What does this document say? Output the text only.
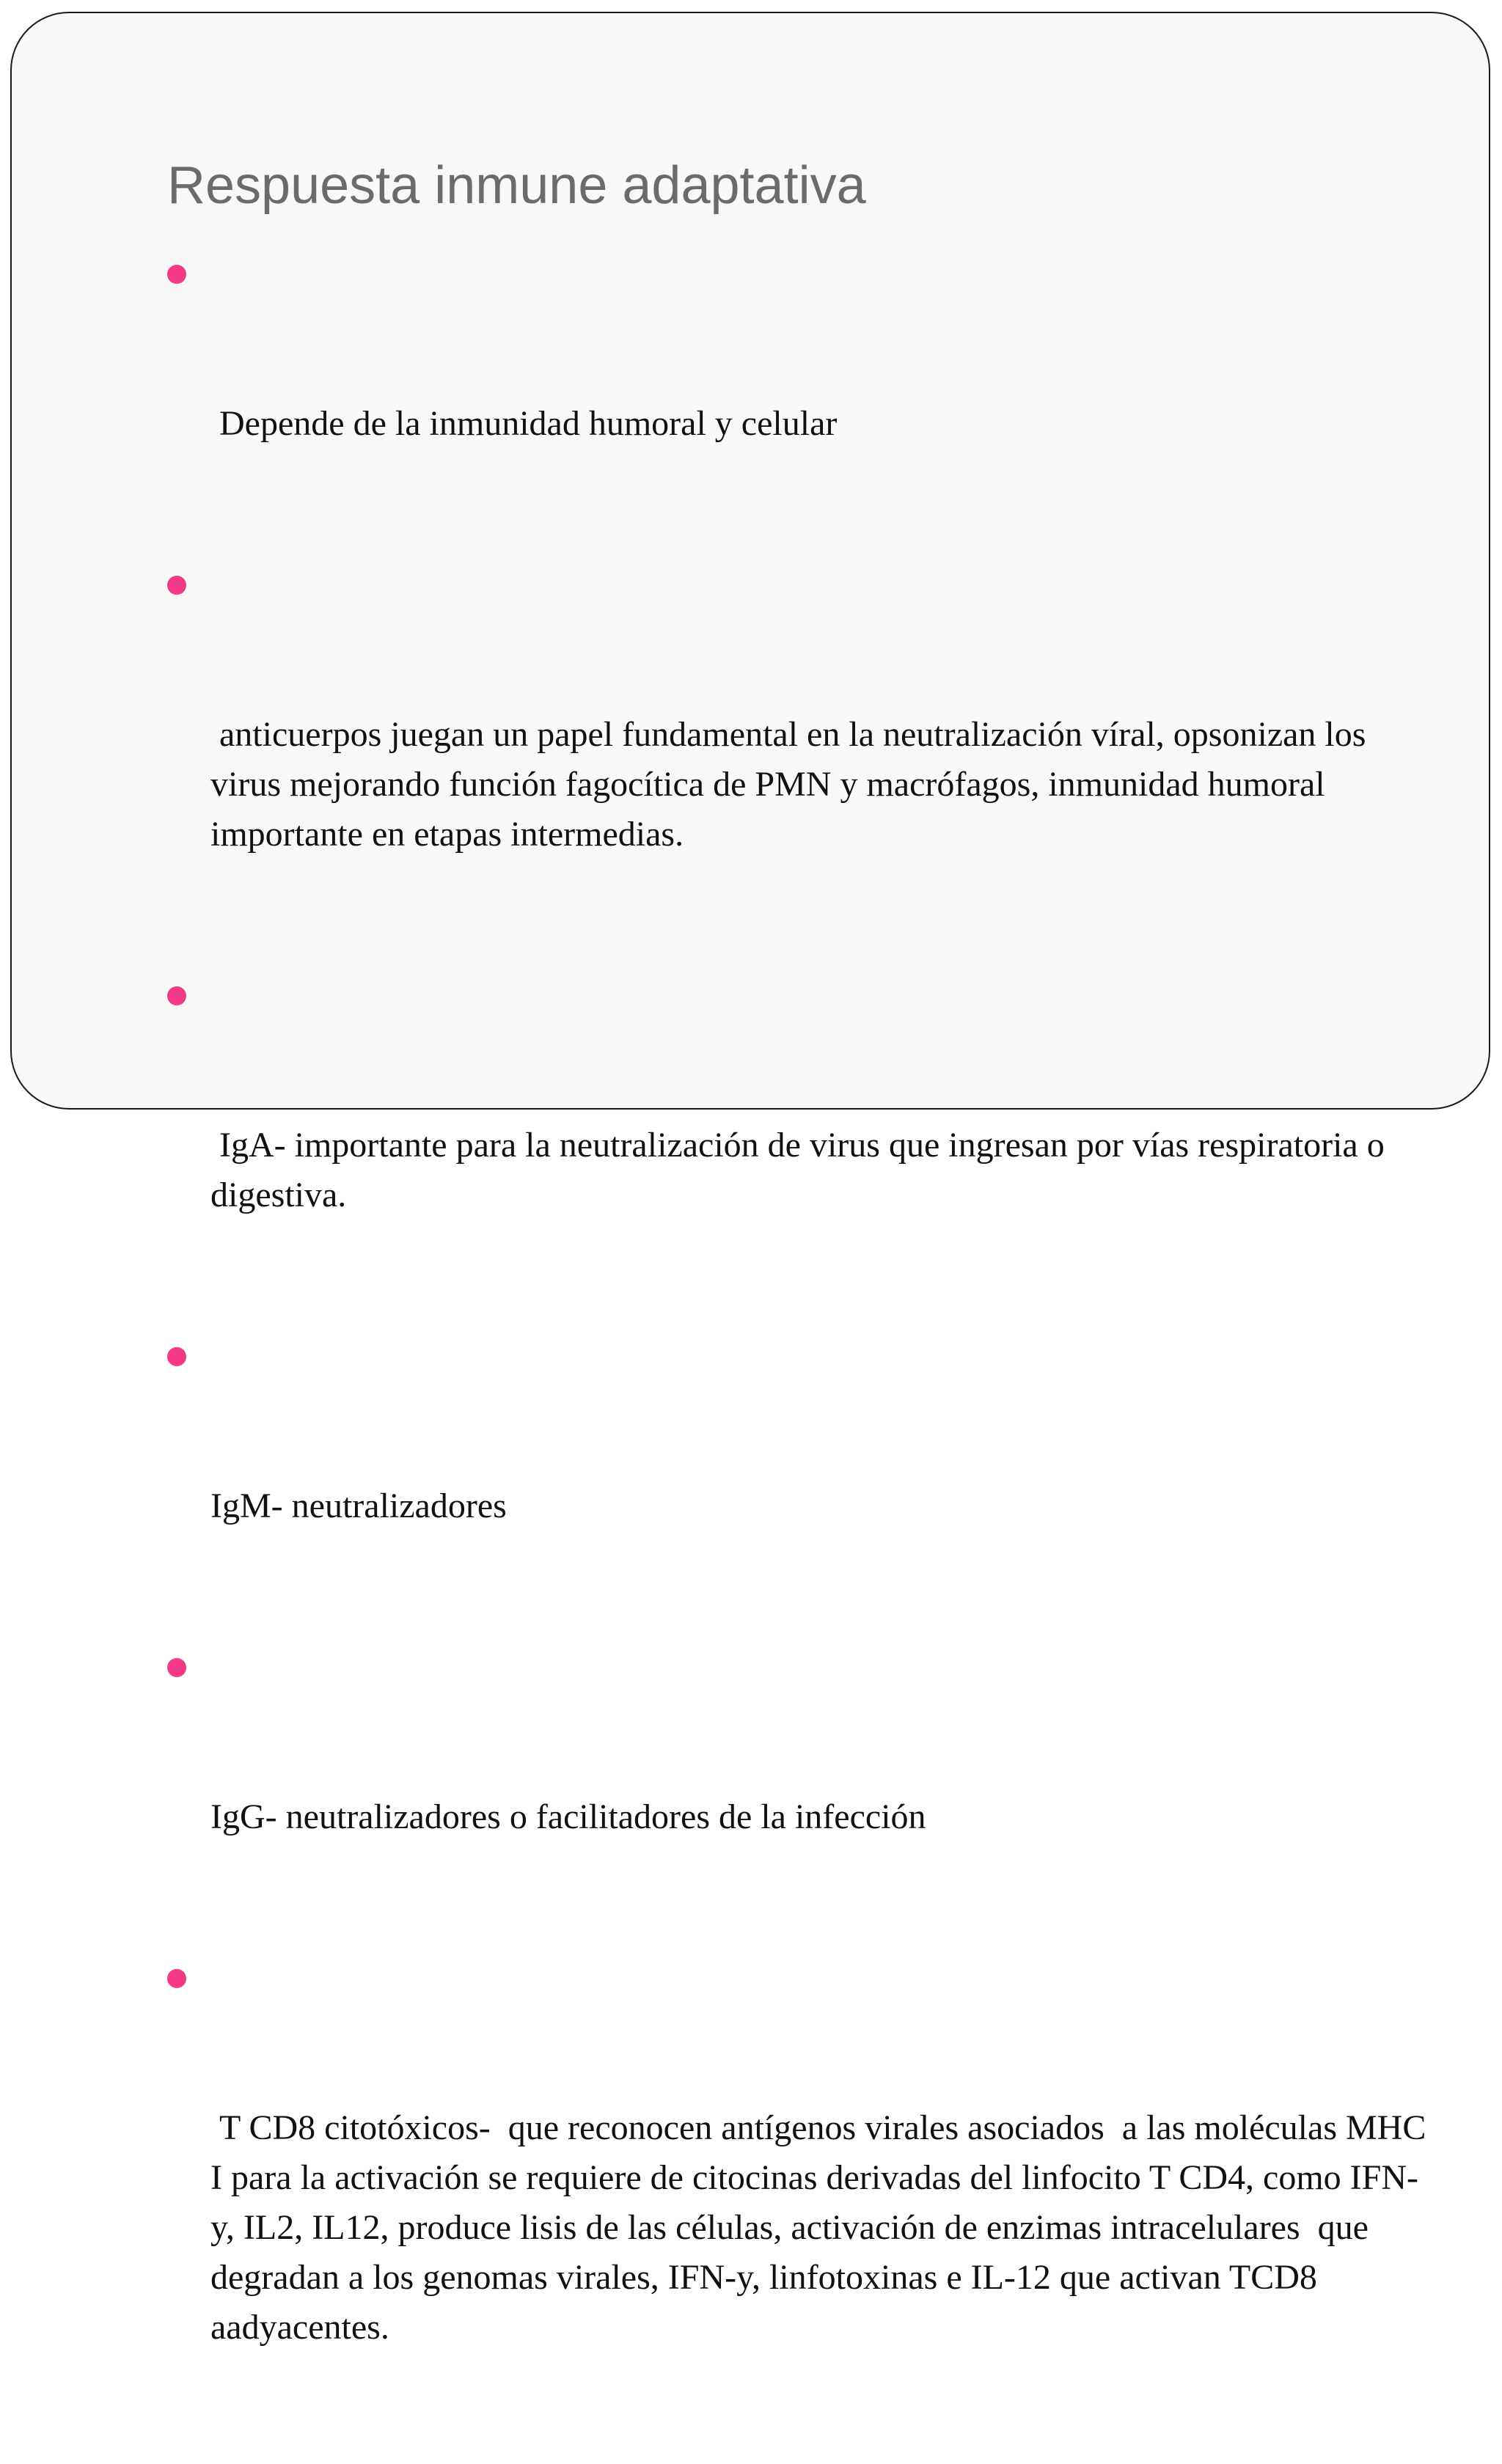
Respuesta inmune adaptativa

Depende de la inmunidad humoral y celular

anticuerpos juegan un papel fundamental en la neutralización víral, opsonizan los virus mejorando función fagocítica de PMN y macrófagos, inmunidad humoral importante en etapas intermedias.

IgA- importante para la neutralización de virus que ingresan por vías respiratoria o digestiva.

IgM- neutralizadores

IgG- neutralizadores o facilitadores de la infección

T CD8 citotóxicos-  que reconocen antígenos virales asociados  a las moléculas MHC I para la activación se requiere de citocinas derivadas del linfocito T CD4, como IFN-y, IL2, IL12, produce lisis de las células, activación de enzimas intracelulares  que degradan a los genomas virales, IFN-y, linfotoxinas e IL-12 que activan TCD8 aadyacentes.
